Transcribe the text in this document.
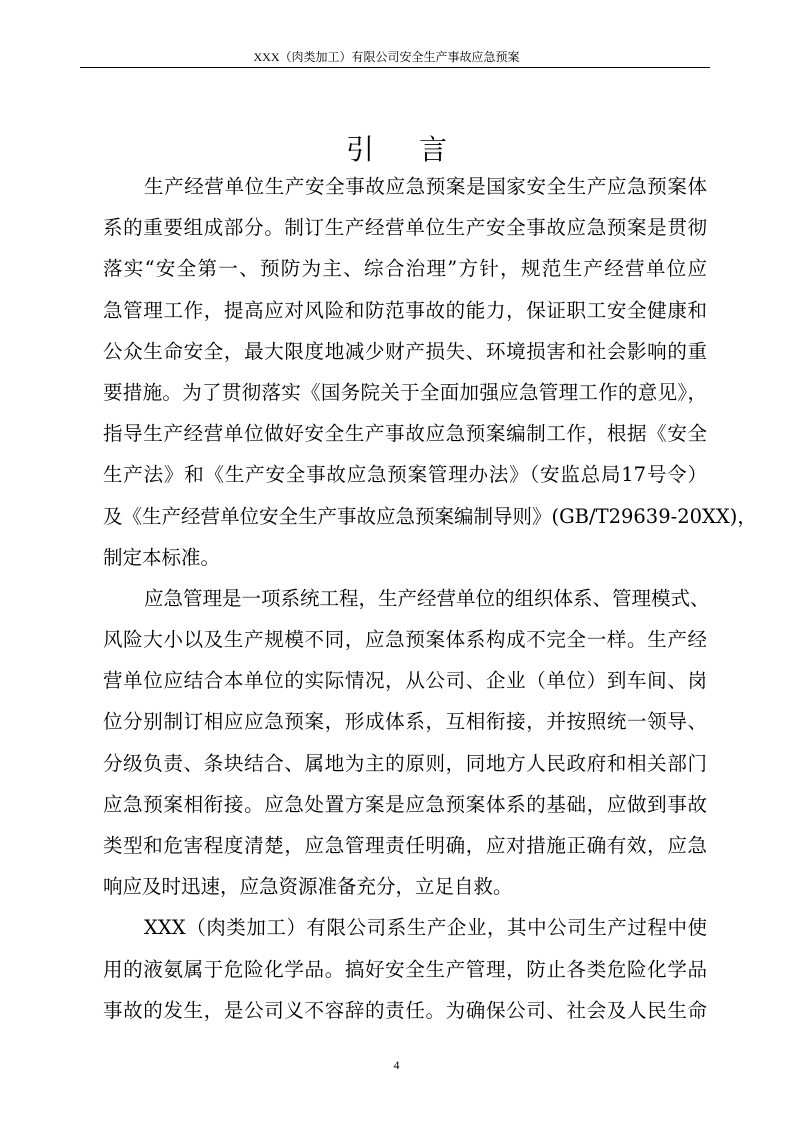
XXX（肉类加工）有限公司安全生产事故应急预案
引 言
生产经营单位生产安全事故应急预案是国家安全生产应急预案体
系的重要组成部分。制订生产经营单位生产安全事故应急预案是贯彻
落实“安全第一、预防为主、综合治理”方针，规范生产经营单位应
急管理工作，提高应对风险和防范事故的能力，保证职工安全健康和
公众生命安全，最大限度地减少财产损失、环境损害和社会影响的重
要措施。为了贯彻落实《国务院关于全面加强应急管理工作的意见》，
指导生产经营单位做好安全生产事故应急预案编制工作，根据《安全
生产法》和《生产安全事故应急预案管理办法》（安监总局17号令）
及《生产经营单位安全生产事故应急预案编制导则》(GB/T29639-20XX)，
制定本标准。
应急管理是一项系统工程，生产经营单位的组织体系、管理模式、
风险大小以及生产规模不同，应急预案体系构成不完全一样。生产经
营单位应结合本单位的实际情况，从公司、企业（单位）到车间、岗
位分别制订相应应急预案，形成体系，互相衔接，并按照统一领导、
分级负责、条块结合、属地为主的原则，同地方人民政府和相关部门
应急预案相衔接。应急处置方案是应急预案体系的基础，应做到事故
类型和危害程度清楚，应急管理责任明确，应对措施正确有效，应急
响应及时迅速，应急资源准备充分，立足自救。
XXX（肉类加工）有限公司系生产企业，其中公司生产过程中使
用的液氨属于危险化学品。搞好安全生产管理，防止各类危险化学品
事故的发生，是公司义不容辞的责任。为确保公司、社会及人民生命
4
